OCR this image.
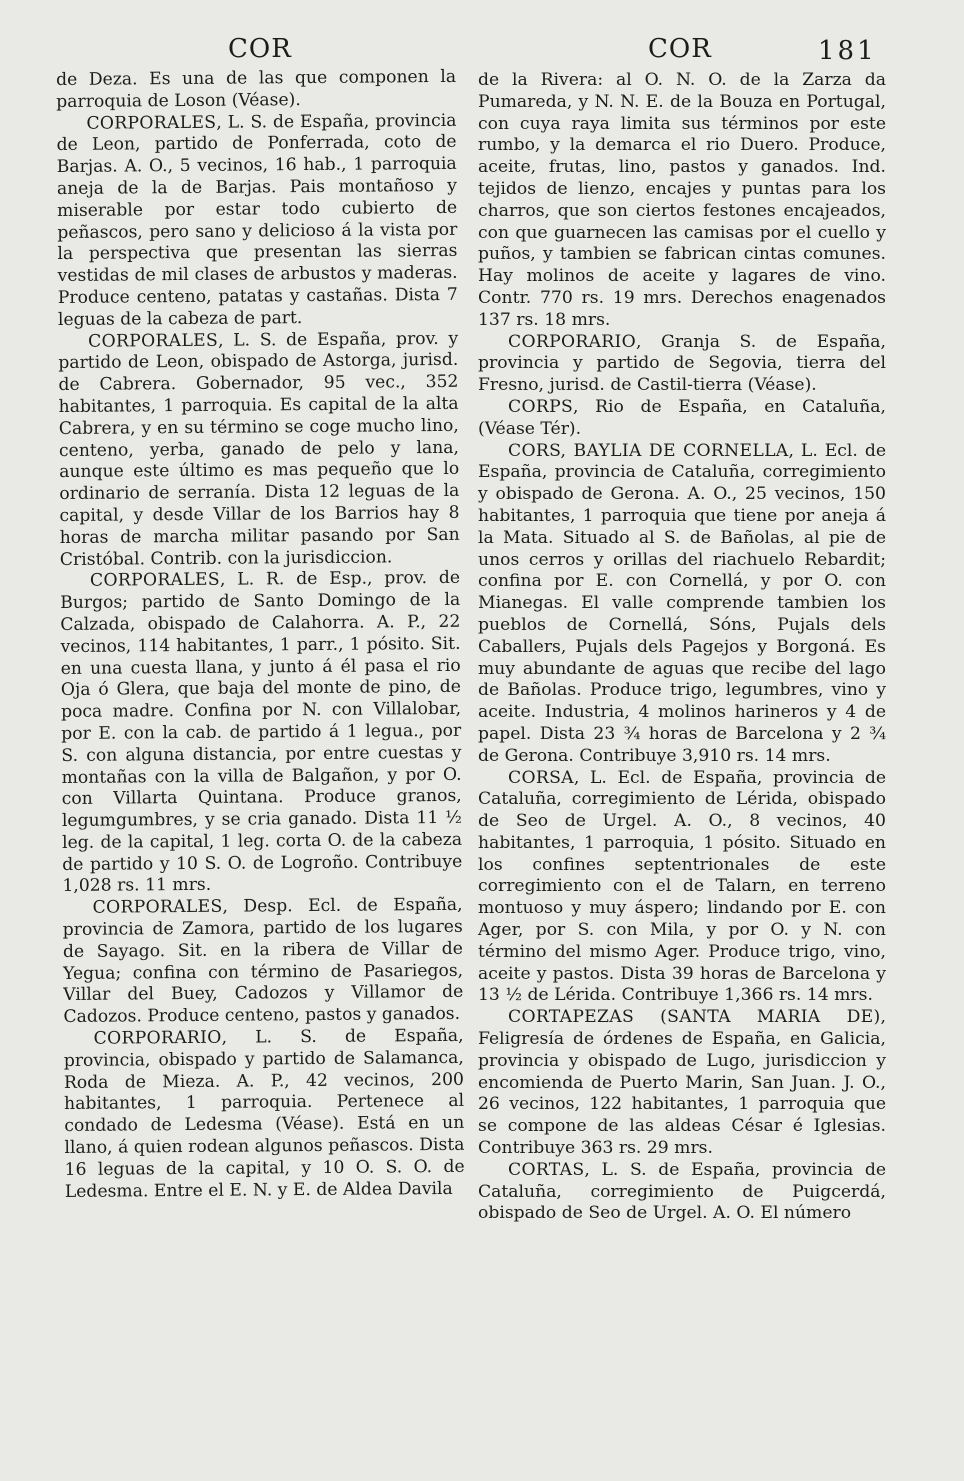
COR	COR	181

de Deza. Es una de las que componen la parroquia de Loson (Véase).

CORPORALES, L. S. de España, provincia de Leon, partido de Ponferrada, coto de Barjas. A. O., 5 vecinos, 16 hab., 1 parroquia aneja de la de Barjas. Pais montañoso y miserable por estar todo cubierto de peñascos, pero sano y delicioso á la vista por la perspectiva que presentan las sierras vestidas de mil clases de arbustos y maderas. Produce centeno, patatas y castañas. Dista 7 leguas de la cabeza de part.

CORPORALES, L. S. de España, prov. y partido de Leon, obispado de Astorga, jurisd. de Cabrera. Gobernador, 95 vec., 352 habitantes, 1 parroquia. Es capital de la alta Cabrera, y en su término se coge mucho lino, centeno, yerba, ganado de pelo y lana, aunque este último es mas pequeño que lo ordinario de serranía. Dista 12 leguas de la capital, y desde Villar de los Barrios hay 8 horas de marcha militar pasando por San Cristóbal. Contrib. con la jurisdiccion.

CORPORALES, L. R. de Esp., prov. de Burgos; partido de Santo Domingo de la Calzada, obispado de Calahorra. A. P., 22 vecinos, 114 habitantes, 1 parr., 1 pósito. Sit. en una cuesta llana, y junto á él pasa el rio Oja ó Glera, que baja del monte de pino, de poca madre. Confina por N. con Villalobar, por E. con la cab. de partido á 1 legua., por S. con alguna distancia, por entre cuestas y montañas con la villa de Balgañon, y por O. con Villarta Quintana. Produce granos, legumgumbres, y se cria ganado. Dista 11 ½ leg. de la capital, 1 leg. corta O. de la cabeza de partido y 10 S. O. de Logroño. Contribuye 1,028 rs. 11 mrs.

CORPORALES, Desp. Ecl. de España, provincia de Zamora, partido de los lugares de Sayago. Sit. en la ribera de Villar de Yegua; confina con término de Pasariegos, Villar del Buey, Cadozos y Villamor de Cadozos. Produce centeno, pastos y ganados.

CORPORARIO, L. S. de España, provincia, obispado y partido de Salamanca, Roda de Mieza. A. P., 42 vecinos, 200 habitantes, 1 parroquia. Pertenece al condado de Ledesma (Véase). Está en un llano, á quien rodean algunos peñascos. Dista 16 leguas de la capital, y 10 O. S. O. de Ledesma. Entre el E. N. y E. de Aldea Davila

de la Rivera: al O. N. O. de la Zarza da Pumareda, y N. N. E. de la Bouza en Portugal, con cuya raya limita sus términos por este rumbo, y la demarca el rio Duero. Produce, aceite, frutas, lino, pastos y ganados. Ind. tejidos de lienzo, encajes y puntas para los charros, que son ciertos festones encajeados, con que guarnecen las camisas por el cuello y puños, y tambien se fabrican cintas comunes. Hay molinos de aceite y lagares de vino. Contr. 770 rs. 19 mrs. Derechos enagenados 137 rs. 18 mrs.

CORPORARIO, Granja S. de España, provincia y partido de Segovia, tierra del Fresno, jurisd. de Castil-tierra (Véase).

CORPS, Rio de España, en Cataluña, (Véase Tér).

CORS, BAYLIA DE CORNELLA, L. Ecl. de España, provincia de Cataluña, corregimiento y obispado de Gerona. A. O., 25 vecinos, 150 habitantes, 1 parroquia que tiene por aneja á la Mata. Situado al S. de Bañolas, al pie de unos cerros y orillas del riachuelo Rebardit; confina por E. con Cornellá, y por O. con Mianegas. El valle comprende tambien los pueblos de Cornellá, Sóns, Pujals dels Caballers, Pujals dels Pagejos y Borgoná. Es muy abundante de aguas que recibe del lago de Bañolas. Produce trigo, legumbres, vino y aceite. Industria, 4 molinos harineros y 4 de papel. Dista 23 ¾ horas de Barcelona y 2 ¾ de Gerona. Contribuye 3,910 rs. 14 mrs.

CORSA, L. Ecl. de España, provincia de Cataluña, corregimiento de Lérida, obispado de Seo de Urgel. A. O., 8 vecinos, 40 habitantes, 1 parroquia, 1 pósito. Situado en los confines septentrionales de este corregimiento con el de Talarn, en terreno montuoso y muy áspero; lindando por E. con Ager, por S. con Mila, y por O. y N. con término del mismo Ager. Produce trigo, vino, aceite y pastos. Dista 39 horas de Barcelona y 13 ½ de Lérida. Contribuye 1,366 rs. 14 mrs.

CORTAPEZAS (SANTA MARIA DE), Feligresía de órdenes de España, en Galicia, provincia y obispado de Lugo, jurisdiccion y encomienda de Puerto Marin, San Juan. J. O., 26 vecinos, 122 habitantes, 1 parroquia que se compone de las aldeas César é Iglesias. Contribuye 363 rs. 29 mrs.

CORTAS, L. S. de España, provincia de Cataluña, corregimiento de Puigcerdá, obispado de Seo de Urgel. A. O. El número
